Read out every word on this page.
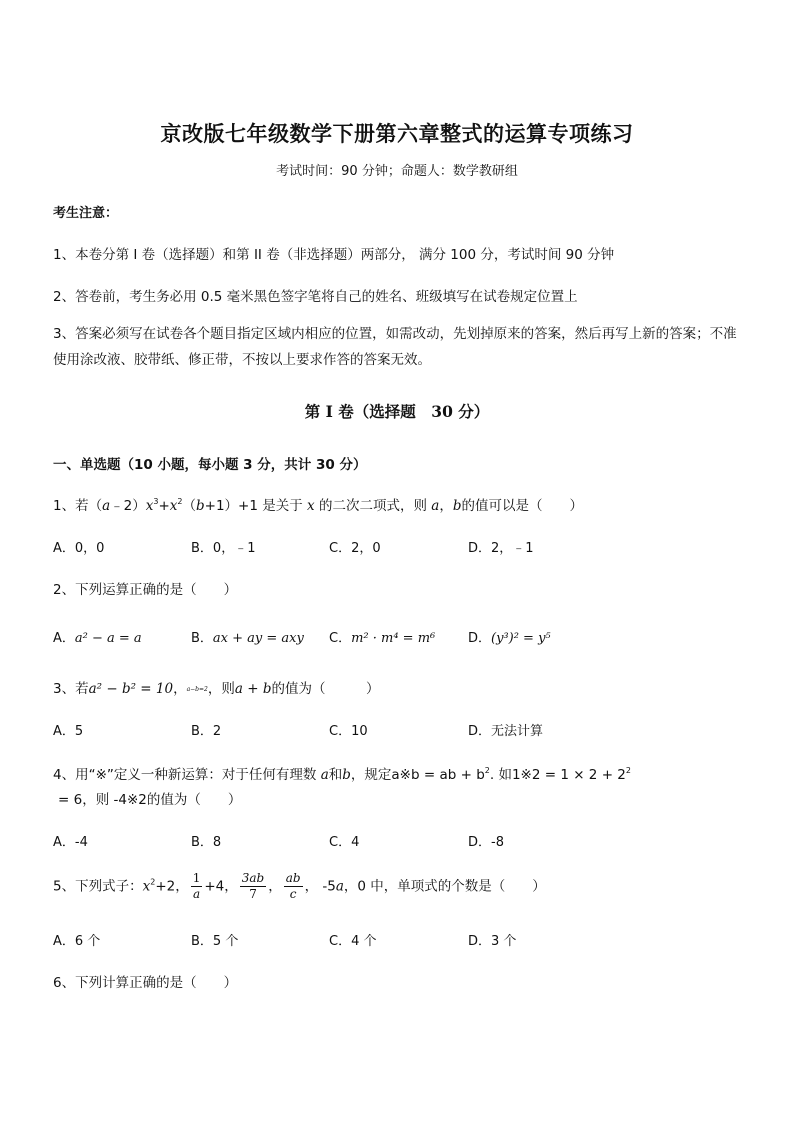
京改版七年级数学下册第六章整式的运算专项练习
考试时间：90 分钟；命题人：数学教研组
考生注意：
1、本卷分第 I 卷（选择题）和第 II 卷（非选择题）两部分， 满分 100 分，考试时间 90 分钟
2、答卷前，考生务必用 0.5 毫米黑色签字笔将自己的姓名、班级填写在试卷规定位置上
3、答案必须写在试卷各个题目指定区域内相应的位置，如需改动，先划掉原来的答案，然后再写上新的答案；不准使用涂改液、胶带纸、修正带，不按以上要求作答的答案无效。
第 I 卷（选择题　30 分）
一、单选题（10 小题，每小题 3 分，共计 30 分）
1、若$(a﹣2)x^3+x^2(b+1)+1$ 是关于 x 的二次二项式，则 a，b的值可以是（　　）
A．0，0	B．0，﹣1	C．2，0	D．2，﹣1
2、下列运算正确的是（　　）
A．a² − a = a	B．ax + ay = axy C．m² · m⁴ = m⁶	D．(y³)² = y⁵
3、若a² − b² = 10，a−b=2，则a + b的值为（　　　）
A．5	B．2	C．10	D．无法计算
4、用“※”定义一种新运算：对于任何有理数 a和b，规定a※b = ab + $b^2$. 如1※2 = $1 \times 2 + 2^2$
= 6，则 -4※2的值为（　　）
A．-4	B．8	C．4	D．-8
5、下列式子：$x^2+2$， $\frac{1}{a} +4$， $\frac{3ab}{7}$ ， $\frac{ab}{c}$ ， -5a，0 中，单项式的个数是（　　）
A．6 个	B．5 个	C．4 个	D．3 个
6、下列计算正确的是（　　）
